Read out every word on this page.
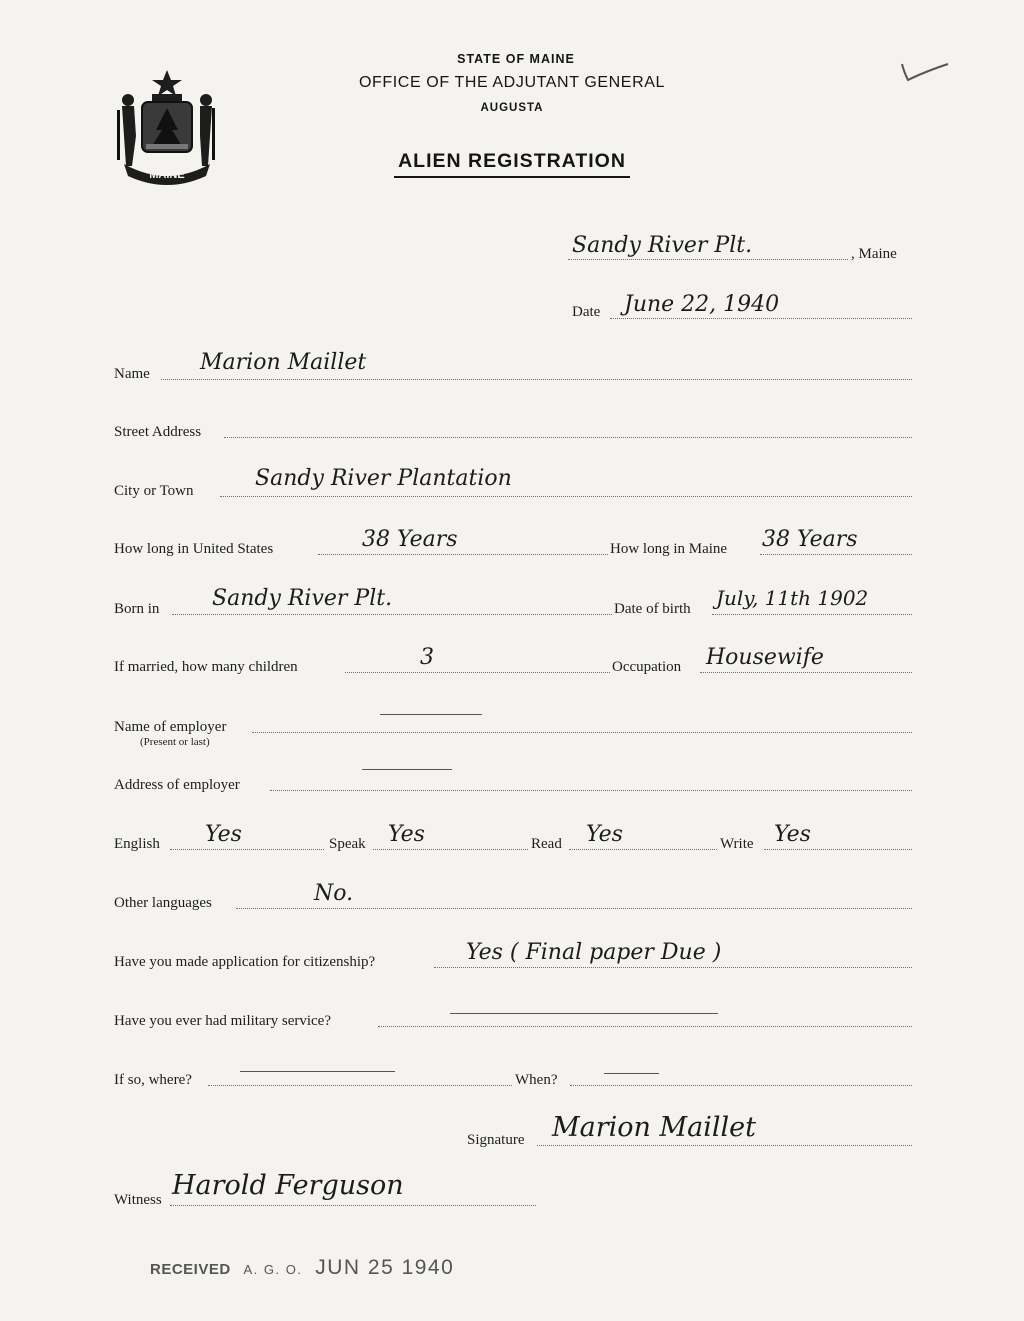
MAINE
STATE OF MAINE
OFFICE OF THE ADJUTANT GENERAL
AUGUSTA
ALIEN REGISTRATION
Sandy River Plt.	, Maine
Date June 22, 1940
Name Marion Maillet
Street Address
City or Town	Sandy River Plantation
How long in United States	38 Years	How long in Maine 38 Years
Born in Sandy River Plt.	Date of birth July, 11th 1902
If married, how many children	3	Occupation Housewife
Name of employer
(Present or last)
Address of employer
English Yes	Speak Yes	Read Yes	Write Yes
Other languages	No.
Have you made application for citizenship?	Yes ( Final paper Due )
Have you ever had military service?
If so, where?	When?
Signature Marion Maillet
Witness Harold Ferguson
RECEIVED A. G. O. JUN 25 1940
